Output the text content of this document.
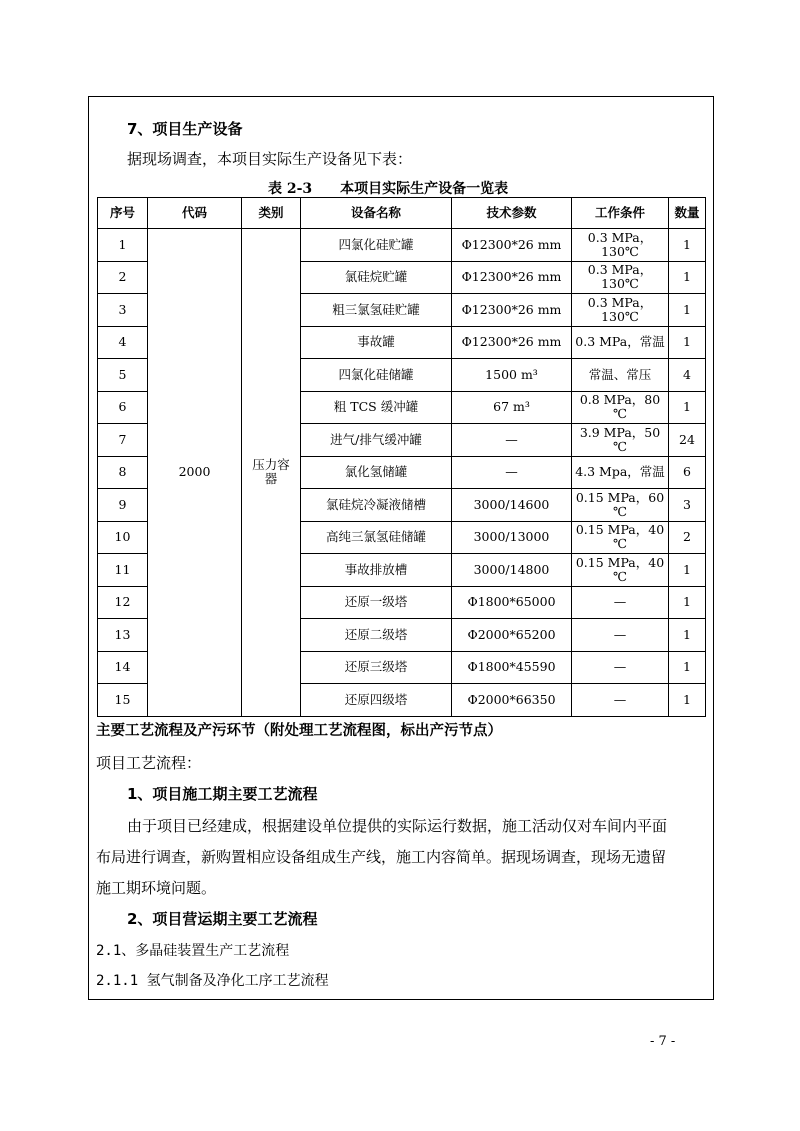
7、项目生产设备
据现场调查，本项目实际生产设备见下表：
表 2-3　　本项目实际生产设备一览表
序号	代码	类别	设备名称	技术参数	工作条件	数量
1	2000	压力容器	四氯化硅贮罐	Φ12300*26 mm	0.3 MPa，130℃	1
2			氯硅烷贮罐	Φ12300*26 mm	0.3 MPa，130℃	1
3			粗三氯氢硅贮罐	Φ12300*26 mm	0.3 MPa，130℃	1
4			事故罐	Φ12300*26 mm	0.3 MPa，常温	1
5			四氯化硅储罐	1500 m³	常温、常压	4
6			粗 TCS 缓冲罐	67 m³	0.8 MPa，80 ℃	1
7			进气/排气缓冲罐	—	3.9 MPa，50 ℃	24
8			氯化氢储罐	—	4.3 Mpa，常温	6
9			氯硅烷冷凝液储槽	3000/14600	0.15 MPa，60 ℃	3
10			高纯三氯氢硅储罐	3000/13000	0.15 MPa，40 ℃	2
11			事故排放槽	3000/14800	0.15 MPa，40 ℃	1
12			还原一级塔	Φ1800*65000	—	1
13			还原二级塔	Φ2000*65200	—	1
14			还原三级塔	Φ1800*45590	—	1
15			还原四级塔	Φ2000*66350	—	1
主要工艺流程及产污环节（附处理工艺流程图，标出产污节点）
项目工艺流程：
1、项目施工期主要工艺流程
由于项目已经建成，根据建设单位提供的实际运行数据，施工活动仅对车间内平面
布局进行调查，新购置相应设备组成生产线，施工内容简单。据现场调查，现场无遗留
施工期环境问题。
2、项目营运期主要工艺流程
2.1、多晶硅装置生产工艺流程
2.1.1 氢气制备及净化工序工艺流程
- 7 -
